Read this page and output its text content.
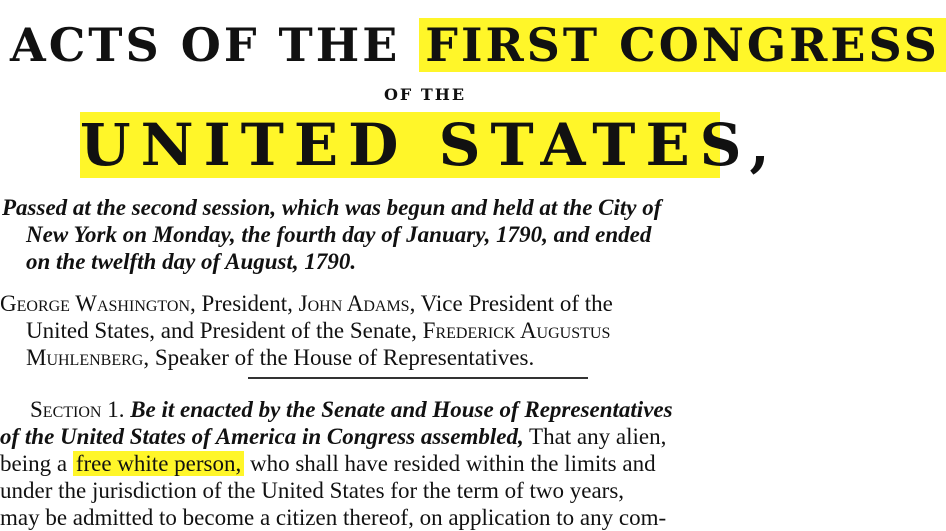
ACTS OF THE FIRST CONGRESS
OF THE
UNITED STATES,
Passed at the second session, which was begun and held at the City of
New York on Monday, the fourth day of January, 1790, and ended
on the twelfth day of August, 1790.
George Washington, President, John Adams, Vice President of the
United States, and President of the Senate, Frederick Augustus
Muhlenberg, Speaker of the House of Representatives.
Section 1. Be it enacted by the Senate and House of Representatives
of the United States of America in Congress assembled, That any alien,
being a free white person, who shall have resided within the limits and
under the jurisdiction of the United States for the term of two years,
may be admitted to become a citizen thereof, on application to any com-
